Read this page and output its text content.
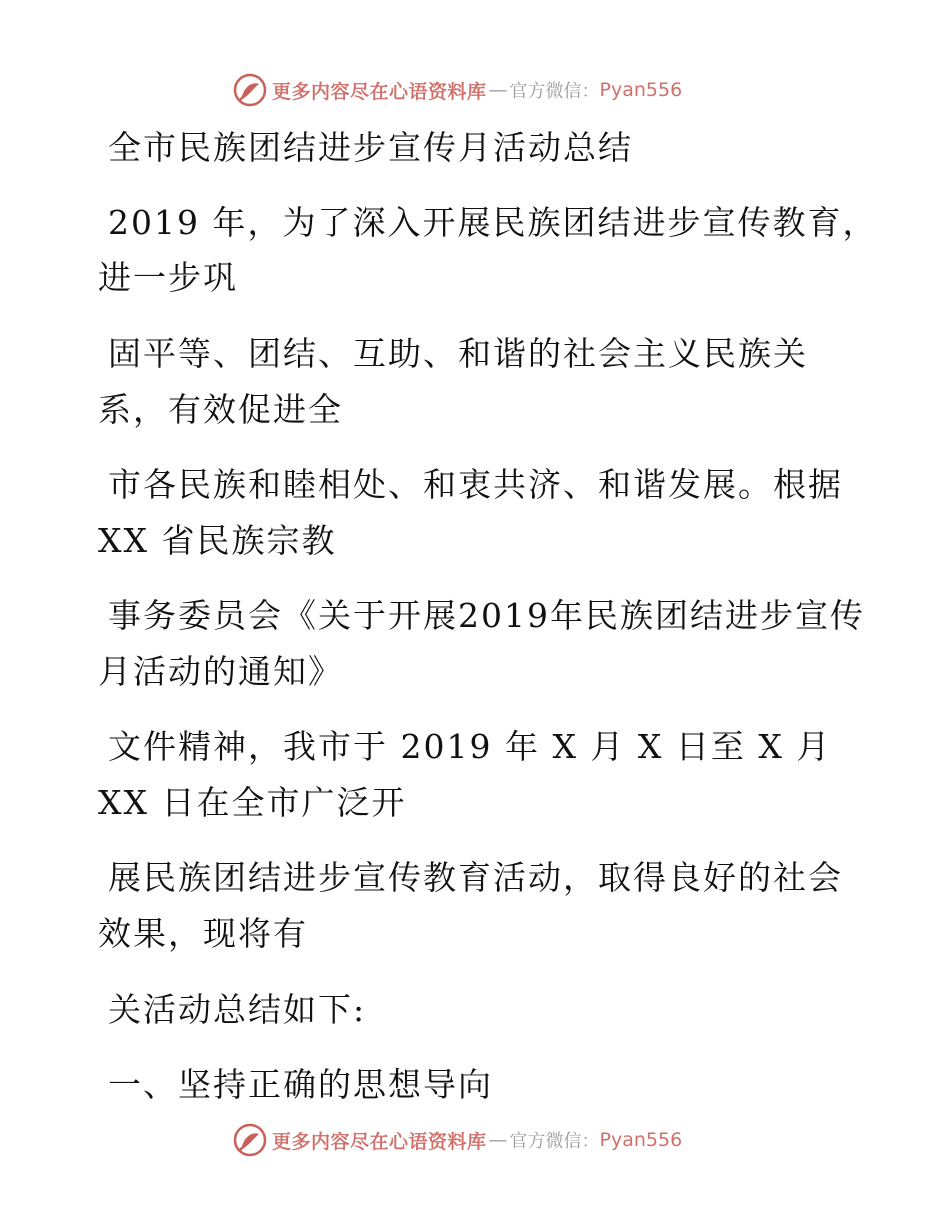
更多内容尽在心语资料库 — 官方微信： Pyan556
全市民族团结进步宣传月活动总结
2019 年，为了深入开展民族团结进步宣传教育，
进一步巩
固平等、团结、互助、和谐的社会主义民族关
系，有效促进全
市各民族和睦相处、和衷共济、和谐发展。根据
XX 省民族宗教
事务委员会《关于开展2019年民族团结进步宣传
月活动的通知》
文件精神，我市于 2019 年 X 月 X 日至 X 月
XX 日在全市广泛开
展民族团结进步宣传教育活动，取得良好的社会
效果，现将有
关活动总结如下:
一、坚持正确的思想导向
更多内容尽在心语资料库 — 官方微信： Pyan556
